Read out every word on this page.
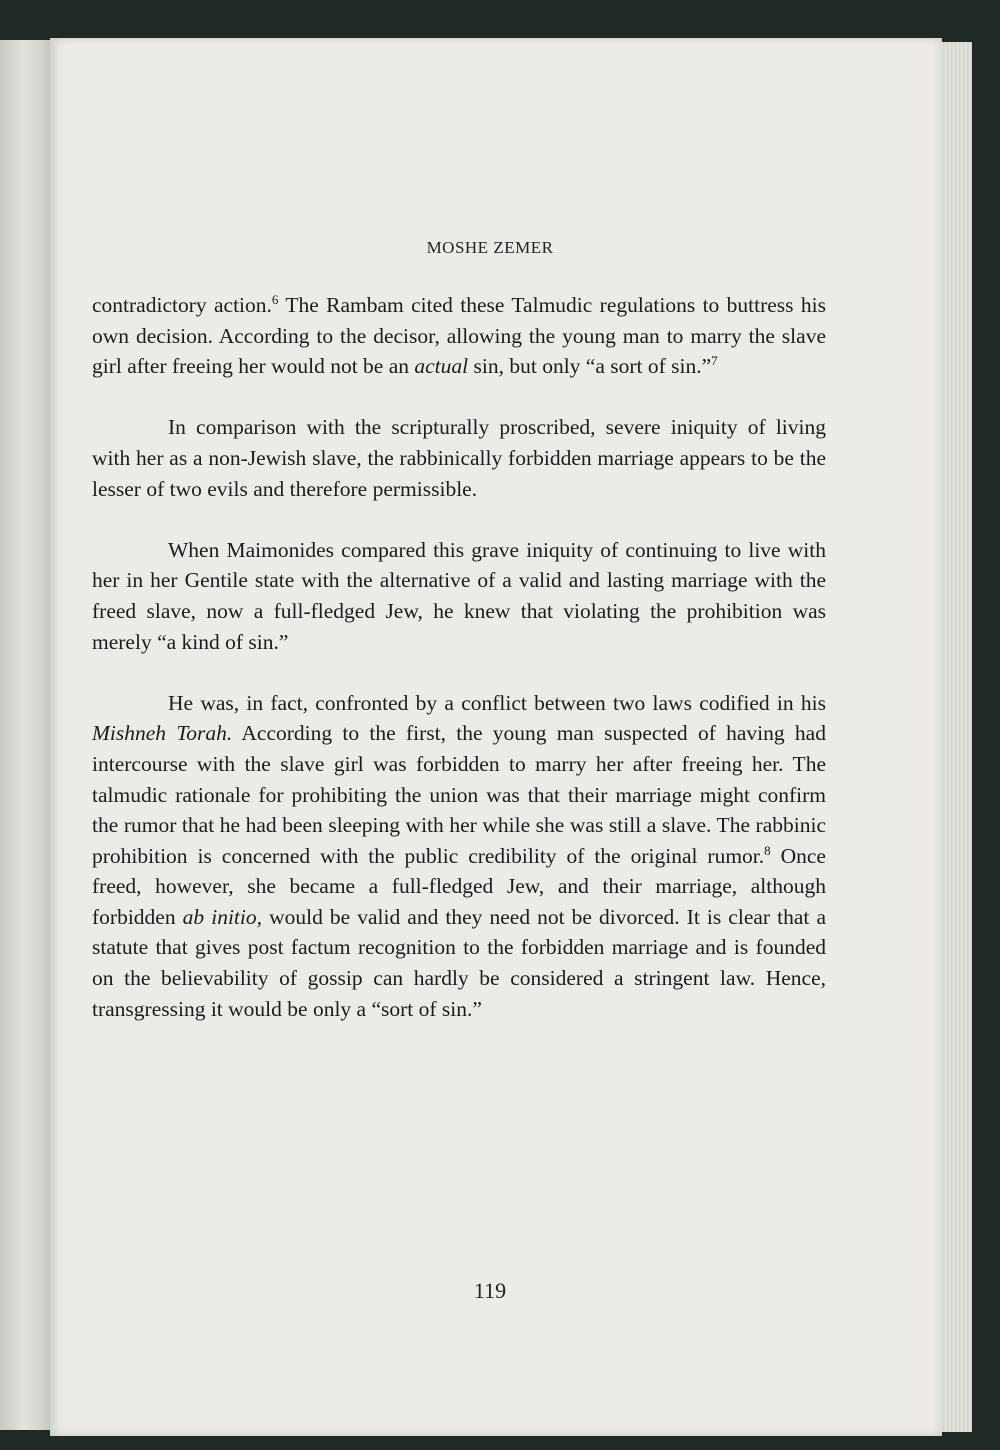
MOSHE ZEMER

contradictory action.$^6$ The Rambam cited these Talmudic regulations to buttress his own decision. According to the decisor, allowing the young man to marry the slave girl after freeing her would not be an actual sin, but only “a sort of sin.”$^7$

In comparison with the scripturally proscribed, severe iniquity of living with her as a non-Jewish slave, the rabbinically forbidden marriage appears to be the lesser of two evils and therefore permissible.

When Maimonides compared this grave iniquity of continuing to live with her in her Gentile state with the alternative of a valid and lasting marriage with the freed slave, now a full-fledged Jew, he knew that violating the prohibition was merely “a kind of sin.”

He was, in fact, confronted by a conflict between two laws codified in his Mishneh Torah. According to the first, the young man suspected of having had intercourse with the slave girl was forbidden to marry her after freeing her. The talmudic rationale for prohibiting the union was that their marriage might confirm the rumor that he had been sleeping with her while she was still a slave. The rabbinic prohibition is concerned with the public credibility of the original rumor.$^8$ Once freed, however, she became a full-fledged Jew, and their marriage, although forbidden ab initio, would be valid and they need not be divorced. It is clear that a statute that gives post factum recognition to the forbidden marriage and is founded on the believability of gossip can hardly be considered a stringent law. Hence, transgressing it would be only a “sort of sin.”

119
